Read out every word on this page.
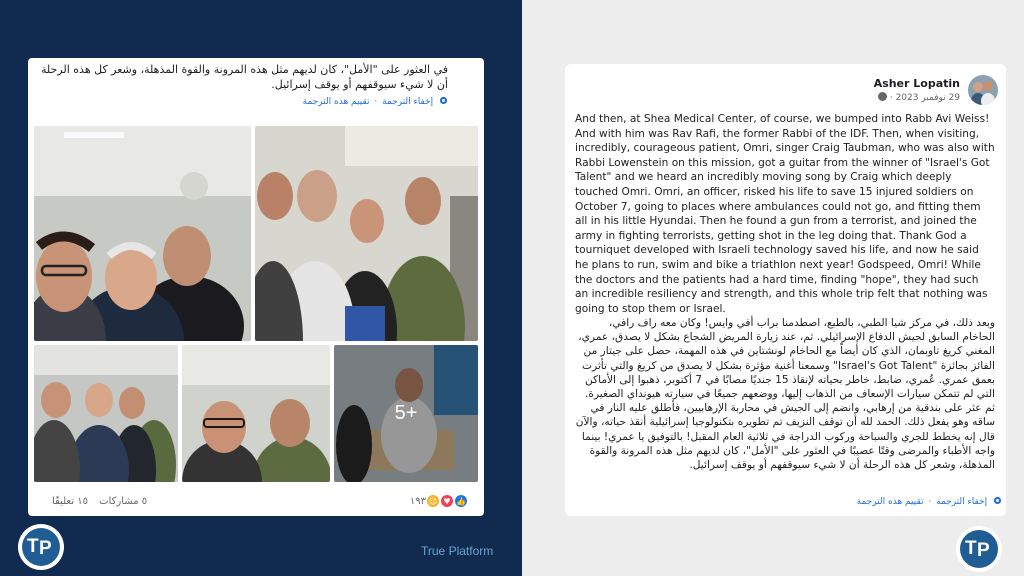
في العثور على "الأمل"، كان لديهم مثل هذه المرونة والقوة المذهلة، وشعر كل هذه الرحلة أن لا شيء سيوقفهم أو يوقف إسرائيل.
إخفاء الترجمة · تقييم هذه الترجمة
5+
٥ مشاركات ١٥ تعليقًا	١٩٣ ☺ ♥ 👍
T P	True Platform
Asher Lopatin
29 نوفمبر 2023 ·
And then, at Shea Medical Center, of course, we bumped into Rabb Avi Weiss! And with him was Rav Rafi, the former Rabbi of the IDF. Then, when visiting, incredibly, courageous patient, Omri, singer Craig Taubman, who was also with Rabbi Lowenstein on this mission, got a guitar from the winner of "Israel's Got Talent" and we heard an incredibly moving song by Craig which deeply touched Omri. Omri, an officer, risked his life to save 15 injured soldiers on October 7, going to places where ambulances could not go, and fitting them all in his little Hyundai. Then he found a gun from a terrorist, and joined the army in fighting terrorists, getting shot in the leg doing that. Thank God a tourniquet developed with Israeli technology saved his life, and now he said he plans to run, swim and bike a triathlon next year! Godspeed, Omri! While the doctors and the patients had a hard time, finding "hope", they had such an incredible resiliency and strength, and this whole trip felt that nothing was going to stop them or Israel.
وبعد ذلك، في مركز شيا الطبي، بالطبع، اصطدمنا براب أفي وايس! وكان معه راف رافي، الحاخام السابق لجيش الدفاع الإسرائيلي. ثم، عند زيارة المريض الشجاع بشكل لا يصدق، عمري، المغني كريغ تاوبمان، الذي كان أيضاً مع الحاخام لونشتاين في هذه المهمة، حصل على جيتار من الفائز بجائزة "Israel's Got Talent" وسمعنا أغنية مؤثرة بشكل لا يصدق من كريغ والتي تأثرت بعمق عمري. عُمري، ضابط، خاطر بحياته لإنقاذ 15 جنديًا مصابًا في 7 أكتوبر، ذهبوا إلى الأماكن التي لم تتمكن سيارات الإسعاف من الذهاب إليها، ووضعهم جميعًا في سيارته هيونداي الصغيرة. ثم عثر على بندقية من إرهابي، وانضم إلى الجيش في محاربة الإرهابيين، فأطلق عليه النار في ساقه وهو يفعل ذلك. الحمد لله أن توقف النزيف تم تطويره بتكنولوجيا إسرائيلية أنقذ حياته، والآن قال إنه يخطط للجري والسباحة وركوب الدراجة في ثلاثية العام المقبل! بالتوفيق يا عمري! بينما واجه الأطباء والمرضى وقتًا عصيبًا في العثور على "الأمل"، كان لديهم مثل هذه المرونة والقوة المذهلة، وشعر كل هذه الرحلة أن لا شيء سيوقفهم أو يوقف إسرائيل.
إخفاء الترجمة · تقييم هذه الترجمة
T P
